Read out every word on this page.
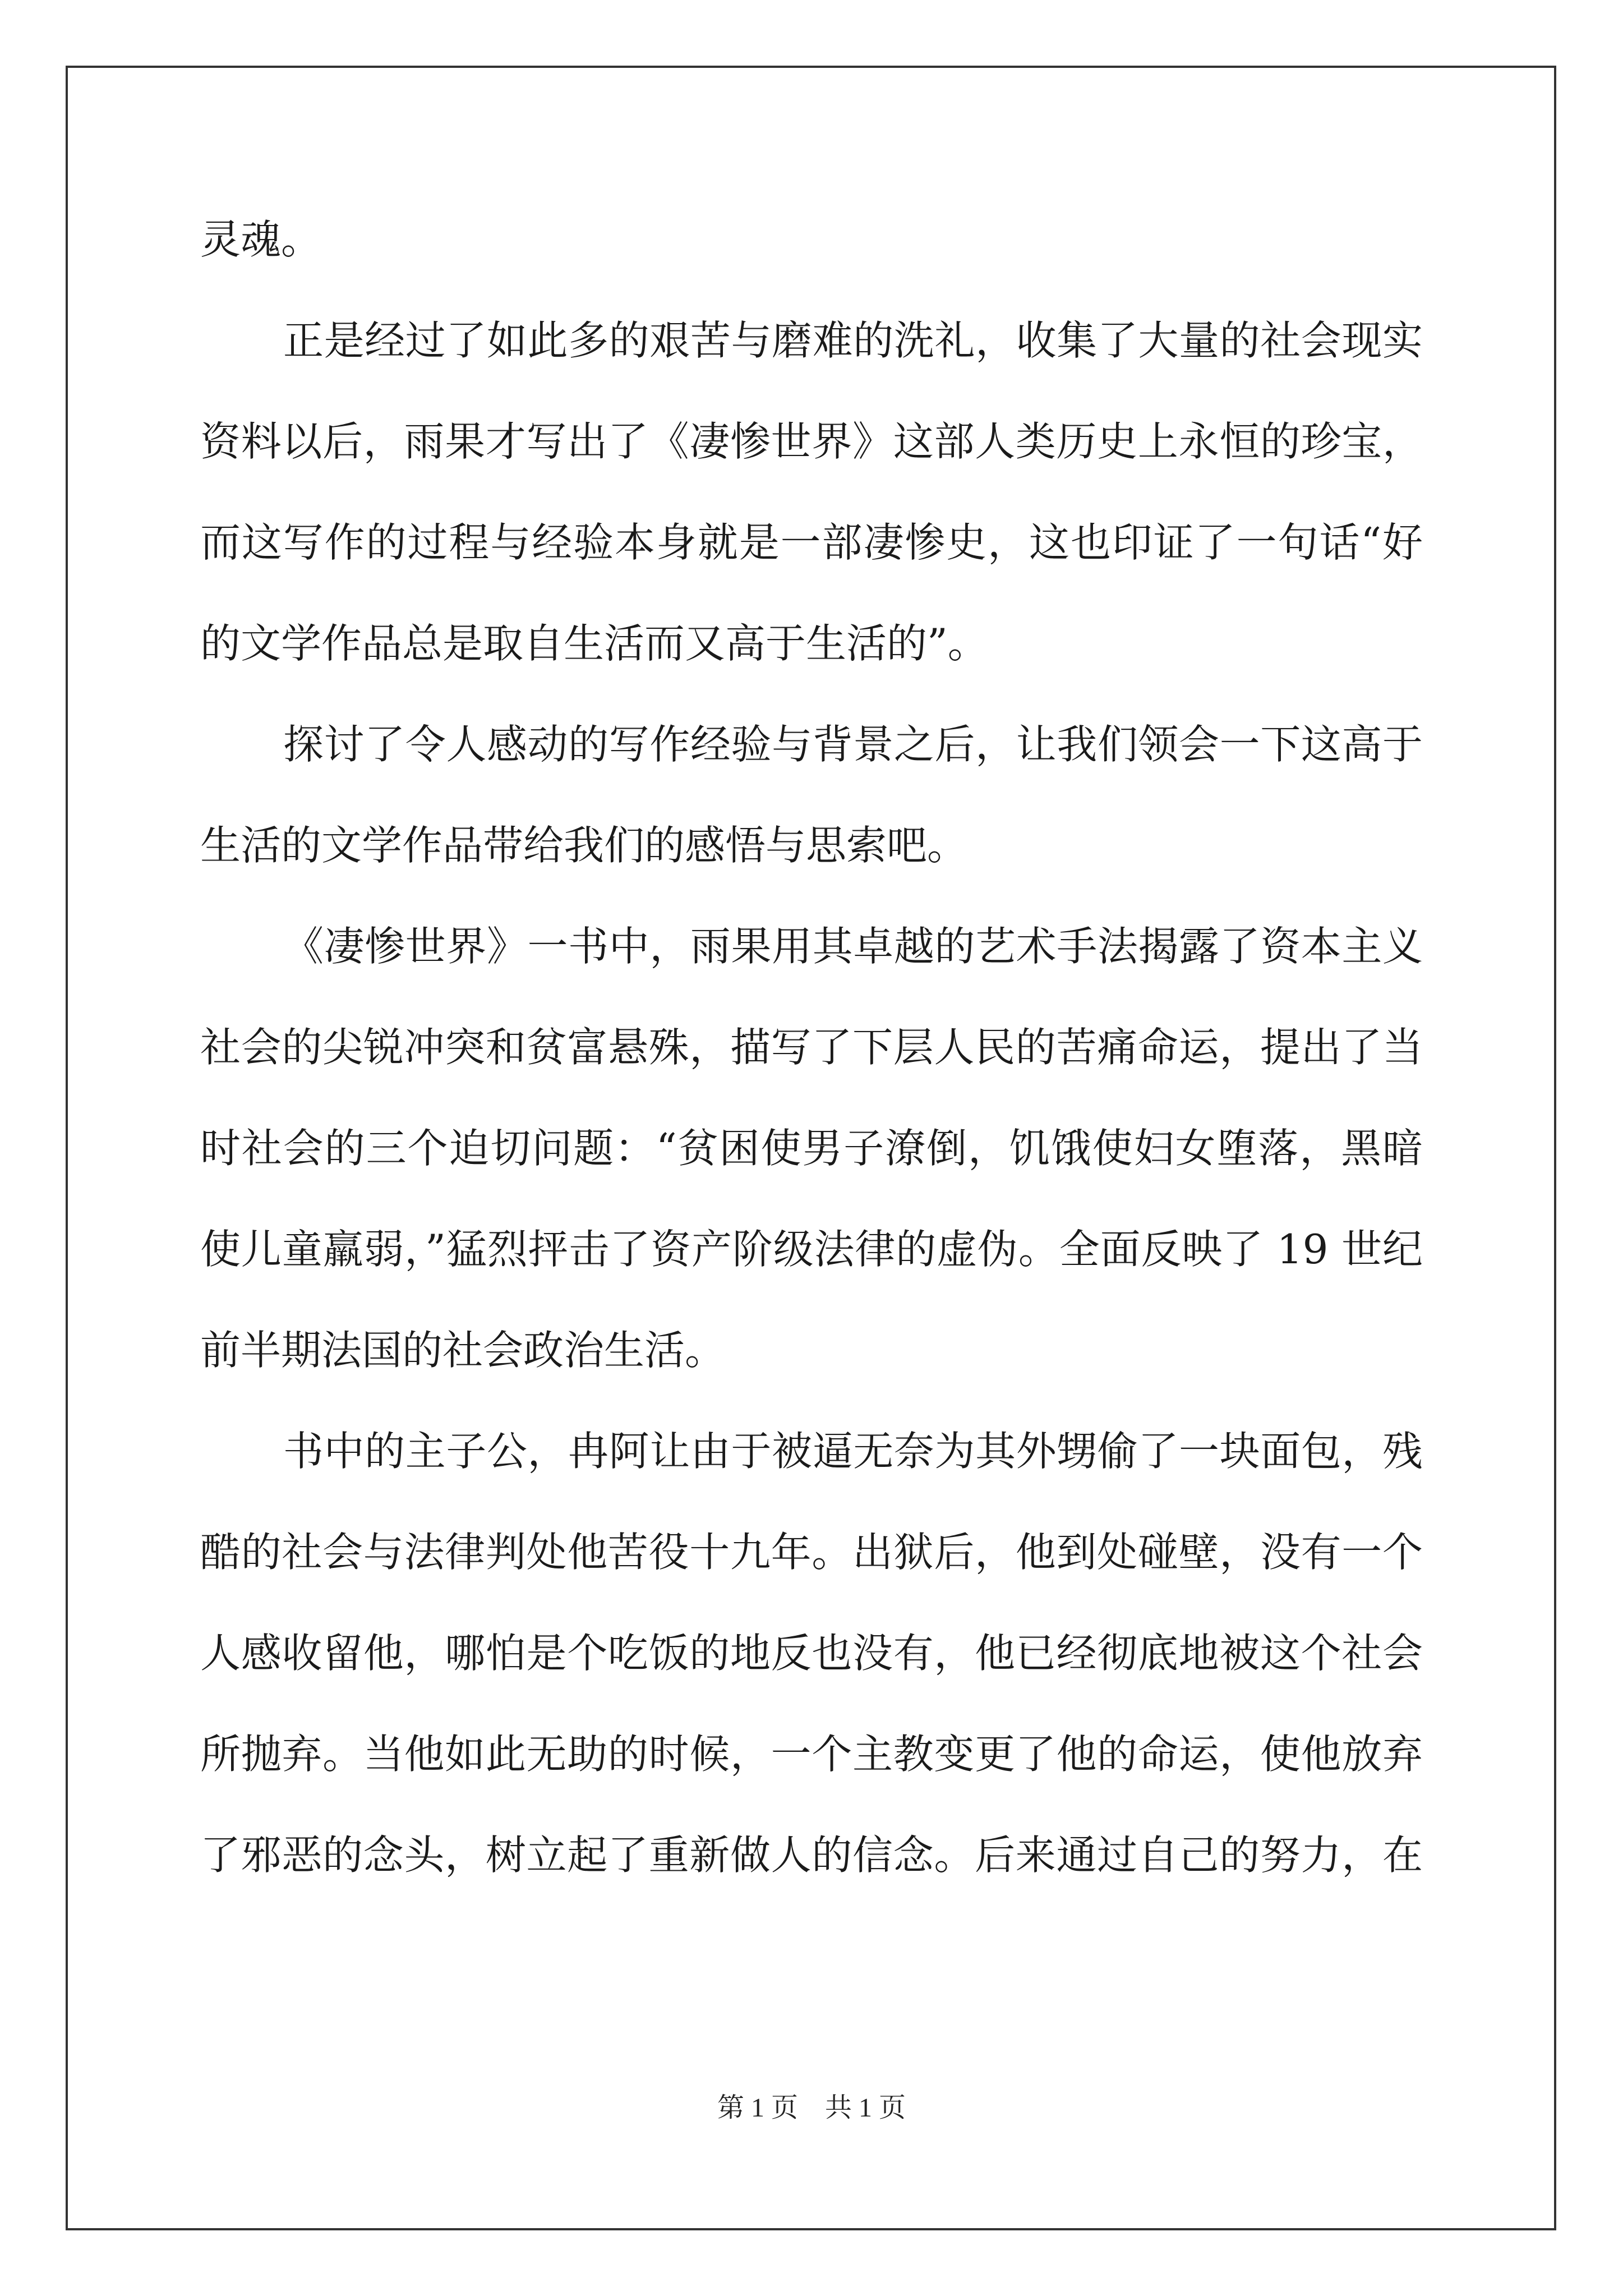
灵魂。
正是经过了如此多的艰苦与磨难的洗礼，收集了大量的社会现实
资料以后，雨果才写出了《凄惨世界》这部人类历史上永恒的珍宝，
而这写作的过程与经验本身就是一部凄惨史，这也印证了一句话“好
的文学作品总是取自生活而又高于生活的”。
探讨了令人感动的写作经验与背景之后，让我们领会一下这高于
生活的文学作品带给我们的感悟与思索吧。
《凄惨世界》一书中，雨果用其卓越的艺术手法揭露了资本主义
社会的尖锐冲突和贫富悬殊，描写了下层人民的苦痛命运，提出了当
时社会的三个迫切问题：“贫困使男子潦倒，饥饿使妇女堕落，黑暗
使儿童羸弱，”猛烈抨击了资产阶级法律的虚伪。全面反映了 19 世纪
前半期法国的社会政治生活。
书中的主子公，冉阿让由于被逼无奈为其外甥偷了一块面包，残
酷的社会与法律判处他苦役十九年。出狱后，他到处碰壁，没有一个
人感收留他，哪怕是个吃饭的地反也没有，他已经彻底地被这个社会
所抛弃。当他如此无助的时候，一个主教变更了他的命运，使他放弃
了邪恶的念头，树立起了重新做人的信念。后来通过自己的努力，在
第 1 页　共 1 页
